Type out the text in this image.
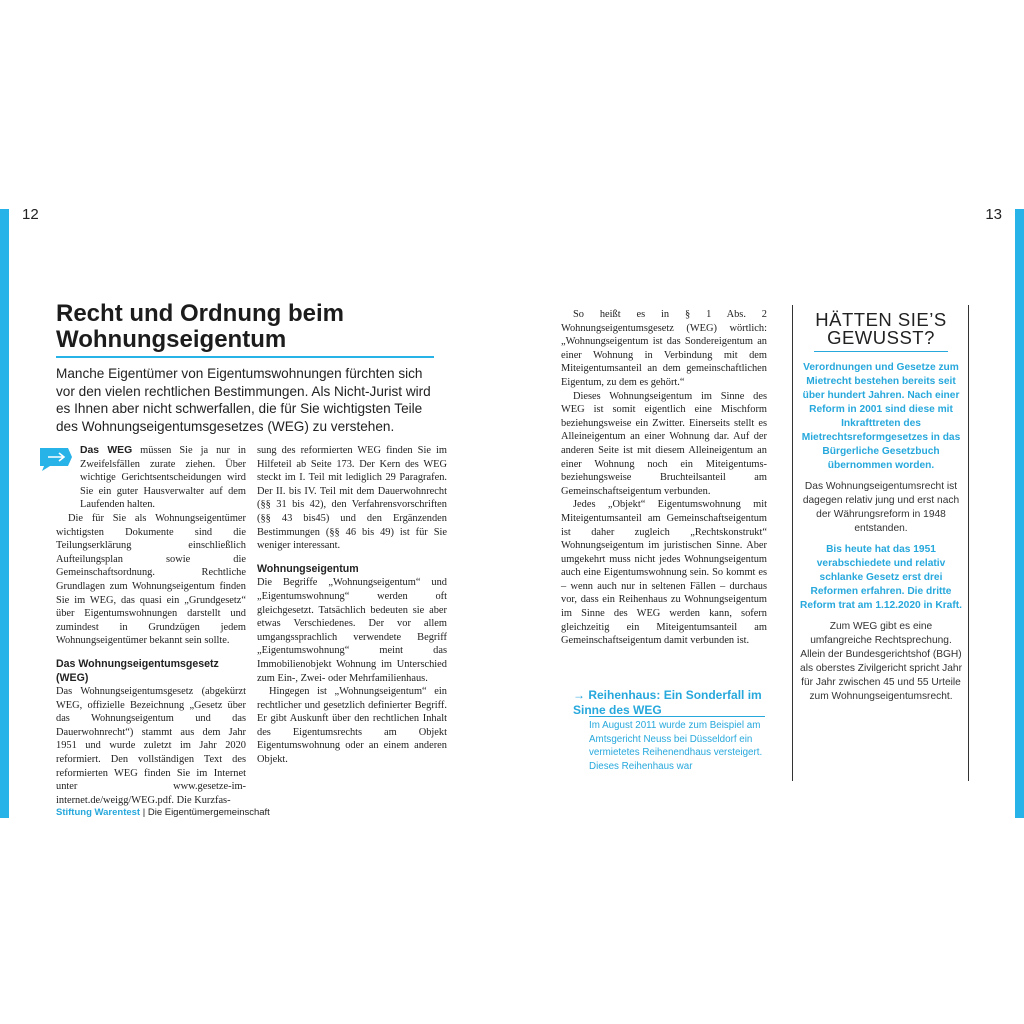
12	13
Recht und Ordnung beim
Wohnungseigentum
Manche Eigentümer von Eigentumswohnungen fürchten sich vor den vielen rechtlichen Bestimmungen. Als Nicht-Jurist wird es Ihnen aber nicht schwerfallen, die für Sie wichtigsten Teile des Wohnungseigentumsgesetzes (WEG) zu verstehen.

Das WEG müssen Sie ja nur in Zweifelsfällen zurate ziehen. Über wichtige Gerichtsentscheidungen wird Sie ein guter Hausverwalter auf dem Laufenden halten.

Die für Sie als Wohnungseigentümer wichtigsten Dokumente sind die Teilungserklärung einschließlich Aufteilungsplan sowie die Gemeinschaftsordnung. Rechtliche Grundlagen zum Wohnungseigentum finden Sie im WEG, das quasi ein „Grundgesetz“ über Eigentumswohnungen darstellt und zumindest in Grundzügen jedem Wohnungseigentümer bekannt sein sollte.

Das Wohnungseigentumsgesetz (WEG)

Das Wohnungseigentumsgesetz (abgekürzt WEG, offizielle Bezeichnung „Gesetz über das Wohnungseigentum und das Dauerwohnrecht“) stammt aus dem Jahr 1951 und wurde zuletzt im Jahr 2020 reformiert. Den vollständigen Text des reformierten WEG finden Sie im Internet unter www.gesetze-im-internet.de/weigg/WEG.pdf. Die Kurzfas-

sung des reformierten WEG finden Sie im Hilfeteil ab Seite 173. Der Kern des WEG steckt im I. Teil mit lediglich 29 Paragrafen. Der II. bis IV. Teil mit dem Dauerwohnrecht (§§ 31 bis 42), den Verfahrensvorschriften (§§ 43 bis45) und den Ergänzenden Bestimmungen (§§ 46 bis 49) ist für Sie weniger interessant.

Wohnungseigentum

Die Begriffe „Wohnungseigentum“ und „Eigentumswohnung“ werden oft gleichgesetzt. Tatsächlich bedeuten sie aber etwas Verschiedenes. Der vor allem umgangssprachlich verwendete Begriff „Eigentumswohnung“ meint das Immobilienobjekt Wohnung im Unterschied zum Ein-, Zwei- oder Mehrfamilienhaus.

Hingegen ist „Wohnungseigentum“ ein rechtlicher und gesetzlich definierter Begriff. Er gibt Auskunft über den rechtlichen Inhalt des Eigentumsrechts am Objekt Eigentumswohnung oder an einem anderen Objekt.

So heißt es in § 1 Abs. 2 Wohnungseigentumsgesetz (WEG) wörtlich: „Wohnungseigentum ist das Sondereigentum an einer Wohnung in Verbindung mit dem Miteigentumsanteil an dem gemeinschaftlichen Eigentum, zu dem es gehört.“

Dieses Wohnungseigentum im Sinne des WEG ist somit eigentlich eine Mischform beziehungsweise ein Zwitter. Einerseits stellt es Alleineigentum an einer Wohnung dar. Auf der anderen Seite ist mit diesem Alleineigentum an einer Wohnung noch ein Miteigentums- beziehungsweise Bruchteilsanteil am Gemeinschaftseigentum verbunden.

Jedes „Objekt“ Eigentumswohnung mit Miteigentumsanteil am Gemeinschaftseigentum ist daher zugleich „Rechtskonstrukt“ Wohnungseigentum im juristischen Sinne. Aber umgekehrt muss nicht jedes Wohnungseigentum auch eine Eigentumswohnung sein. So kommt es – wenn auch nur in seltenen Fällen – durchaus vor, dass ein Reihenhaus zu Wohnungseigentum im Sinne des WEG werden kann, sofern gleichzeitig ein Miteigentumsanteil am Gemeinschaftseigentum damit verbunden ist.

→ Reihenhaus: Ein Sonderfall im Sinne des WEG
Im August 2011 wurde zum Beispiel am Amtsgericht Neuss bei Düsseldorf ein vermietetes Reihenendhaus versteigert. Dieses Reihenhaus war
HÄTTEN SIE’S
GEWUSST?

Verordnungen und Gesetze zum Mietrecht bestehen bereits seit über hundert Jahren. Nach einer Reform in 2001 sind diese mit Inkrafttreten des Mietrechtsreformgesetzes in das Bürgerliche Gesetzbuch übernommen worden.

Das Wohnungseigentumsrecht ist dagegen relativ jung und erst nach der Währungsreform in 1948 entstanden.

Bis heute hat das 1951 verabschiedete und relativ schlanke Gesetz erst drei Reformen erfahren. Die dritte Reform trat am 1.12.2020 in Kraft.

Zum WEG gibt es eine umfangreiche Rechtsprechung. Allein der Bundesgerichtshof (BGH) als oberstes Zivilgericht spricht Jahr für Jahr zwischen 45 und 55 Urteile zum Wohnungseigentumsrecht.

Stiftung Warentest | Die Eigentümergemeinschaft
